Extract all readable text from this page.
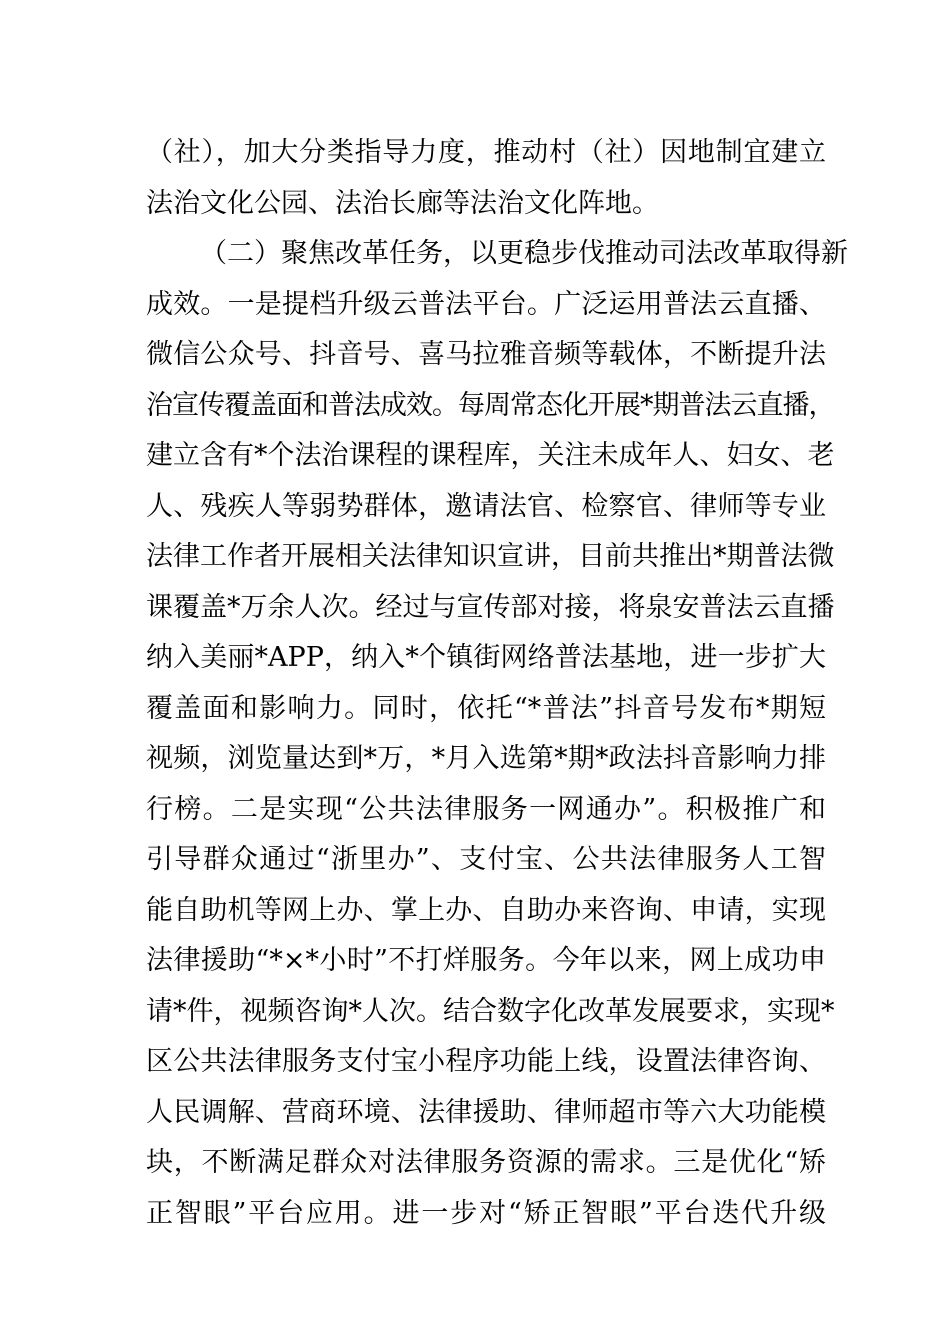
（社），加大分类指导力度，推动村（社）因地制宜建立
法治文化公园、法治长廊等法治文化阵地。
（二）聚焦改革任务，以更稳步伐推动司法改革取得新
成效。一是提档升级云普法平台。广泛运用普法云直播、
微信公众号、抖音号、喜马拉雅音频等载体，不断提升法
治宣传覆盖面和普法成效。每周常态化开展*期普法云直播，
建立含有*个法治课程的课程库，关注未成年人、妇女、老
人、残疾人等弱势群体，邀请法官、检察官、律师等专业
法律工作者开展相关法律知识宣讲，目前共推出*期普法微
课覆盖*万余人次。经过与宣传部对接，将泉安普法云直播
纳入美丽*APP，纳入*个镇街网络普法基地，进一步扩大
覆盖面和影响力。同时，依托“*普法”抖音号发布*期短
视频，浏览量达到*万，*月入选第*期*政法抖音影响力排
行榜。二是实现“公共法律服务一网通办”。积极推广和
引导群众通过“浙里办”、支付宝、公共法律服务人工智
能自助机等网上办、掌上办、自助办来咨询、申请，实现
法律援助“*×*小时”不打烊服务。今年以来，网上成功申
请*件，视频咨询*人次。结合数字化改革发展要求，实现*
区公共法律服务支付宝小程序功能上线，设置法律咨询、
人民调解、营商环境、法律援助、律师超市等六大功能模
块，不断满足群众对法律服务资源的需求。三是优化“矫
正智眼”平台应用。进一步对“矫正智眼”平台迭代升级
